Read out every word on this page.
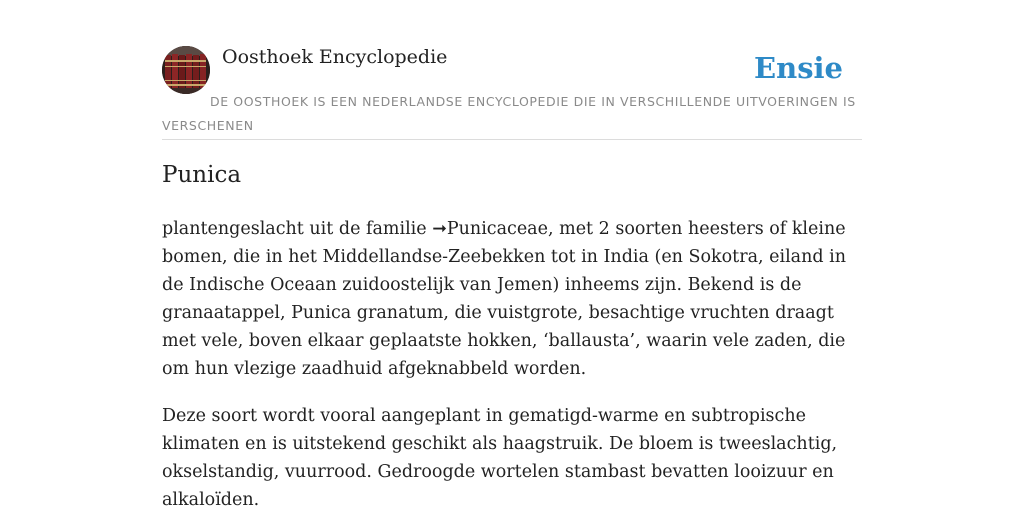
Oosthoek Encyclopedie	Ensie
DE OOSTHOEK IS EEN NEDERLANDSE ENCYCLOPEDIE DIE IN VERSCHILLENDE UITVOERINGEN IS VERSCHENEN
Punica

plantengeslacht uit de familie ➞Punicaceae, met 2 soorten heesters of kleine bomen, die in het Middellandse-Zeebekken tot in India (en Sokotra, eiland in de Indische Oceaan zuidoostelijk van Jemen) inheems zijn. Bekend is de granaatappel, Punica granatum, die vuistgrote, besachtige vruchten draagt met vele, boven elkaar geplaatste hokken, ‘ballausta’, waarin vele zaden, die om hun vlezige zaadhuid afgeknabbeld worden.

Deze soort wordt vooral aangeplant in gematigd-warme en subtropische klimaten en is uitstekend geschikt als haagstruik. De bloem is tweeslachtig, okselstandig, vuurrood. Gedroogde wortelen stambast bevatten looizuur en alkaloïden.
